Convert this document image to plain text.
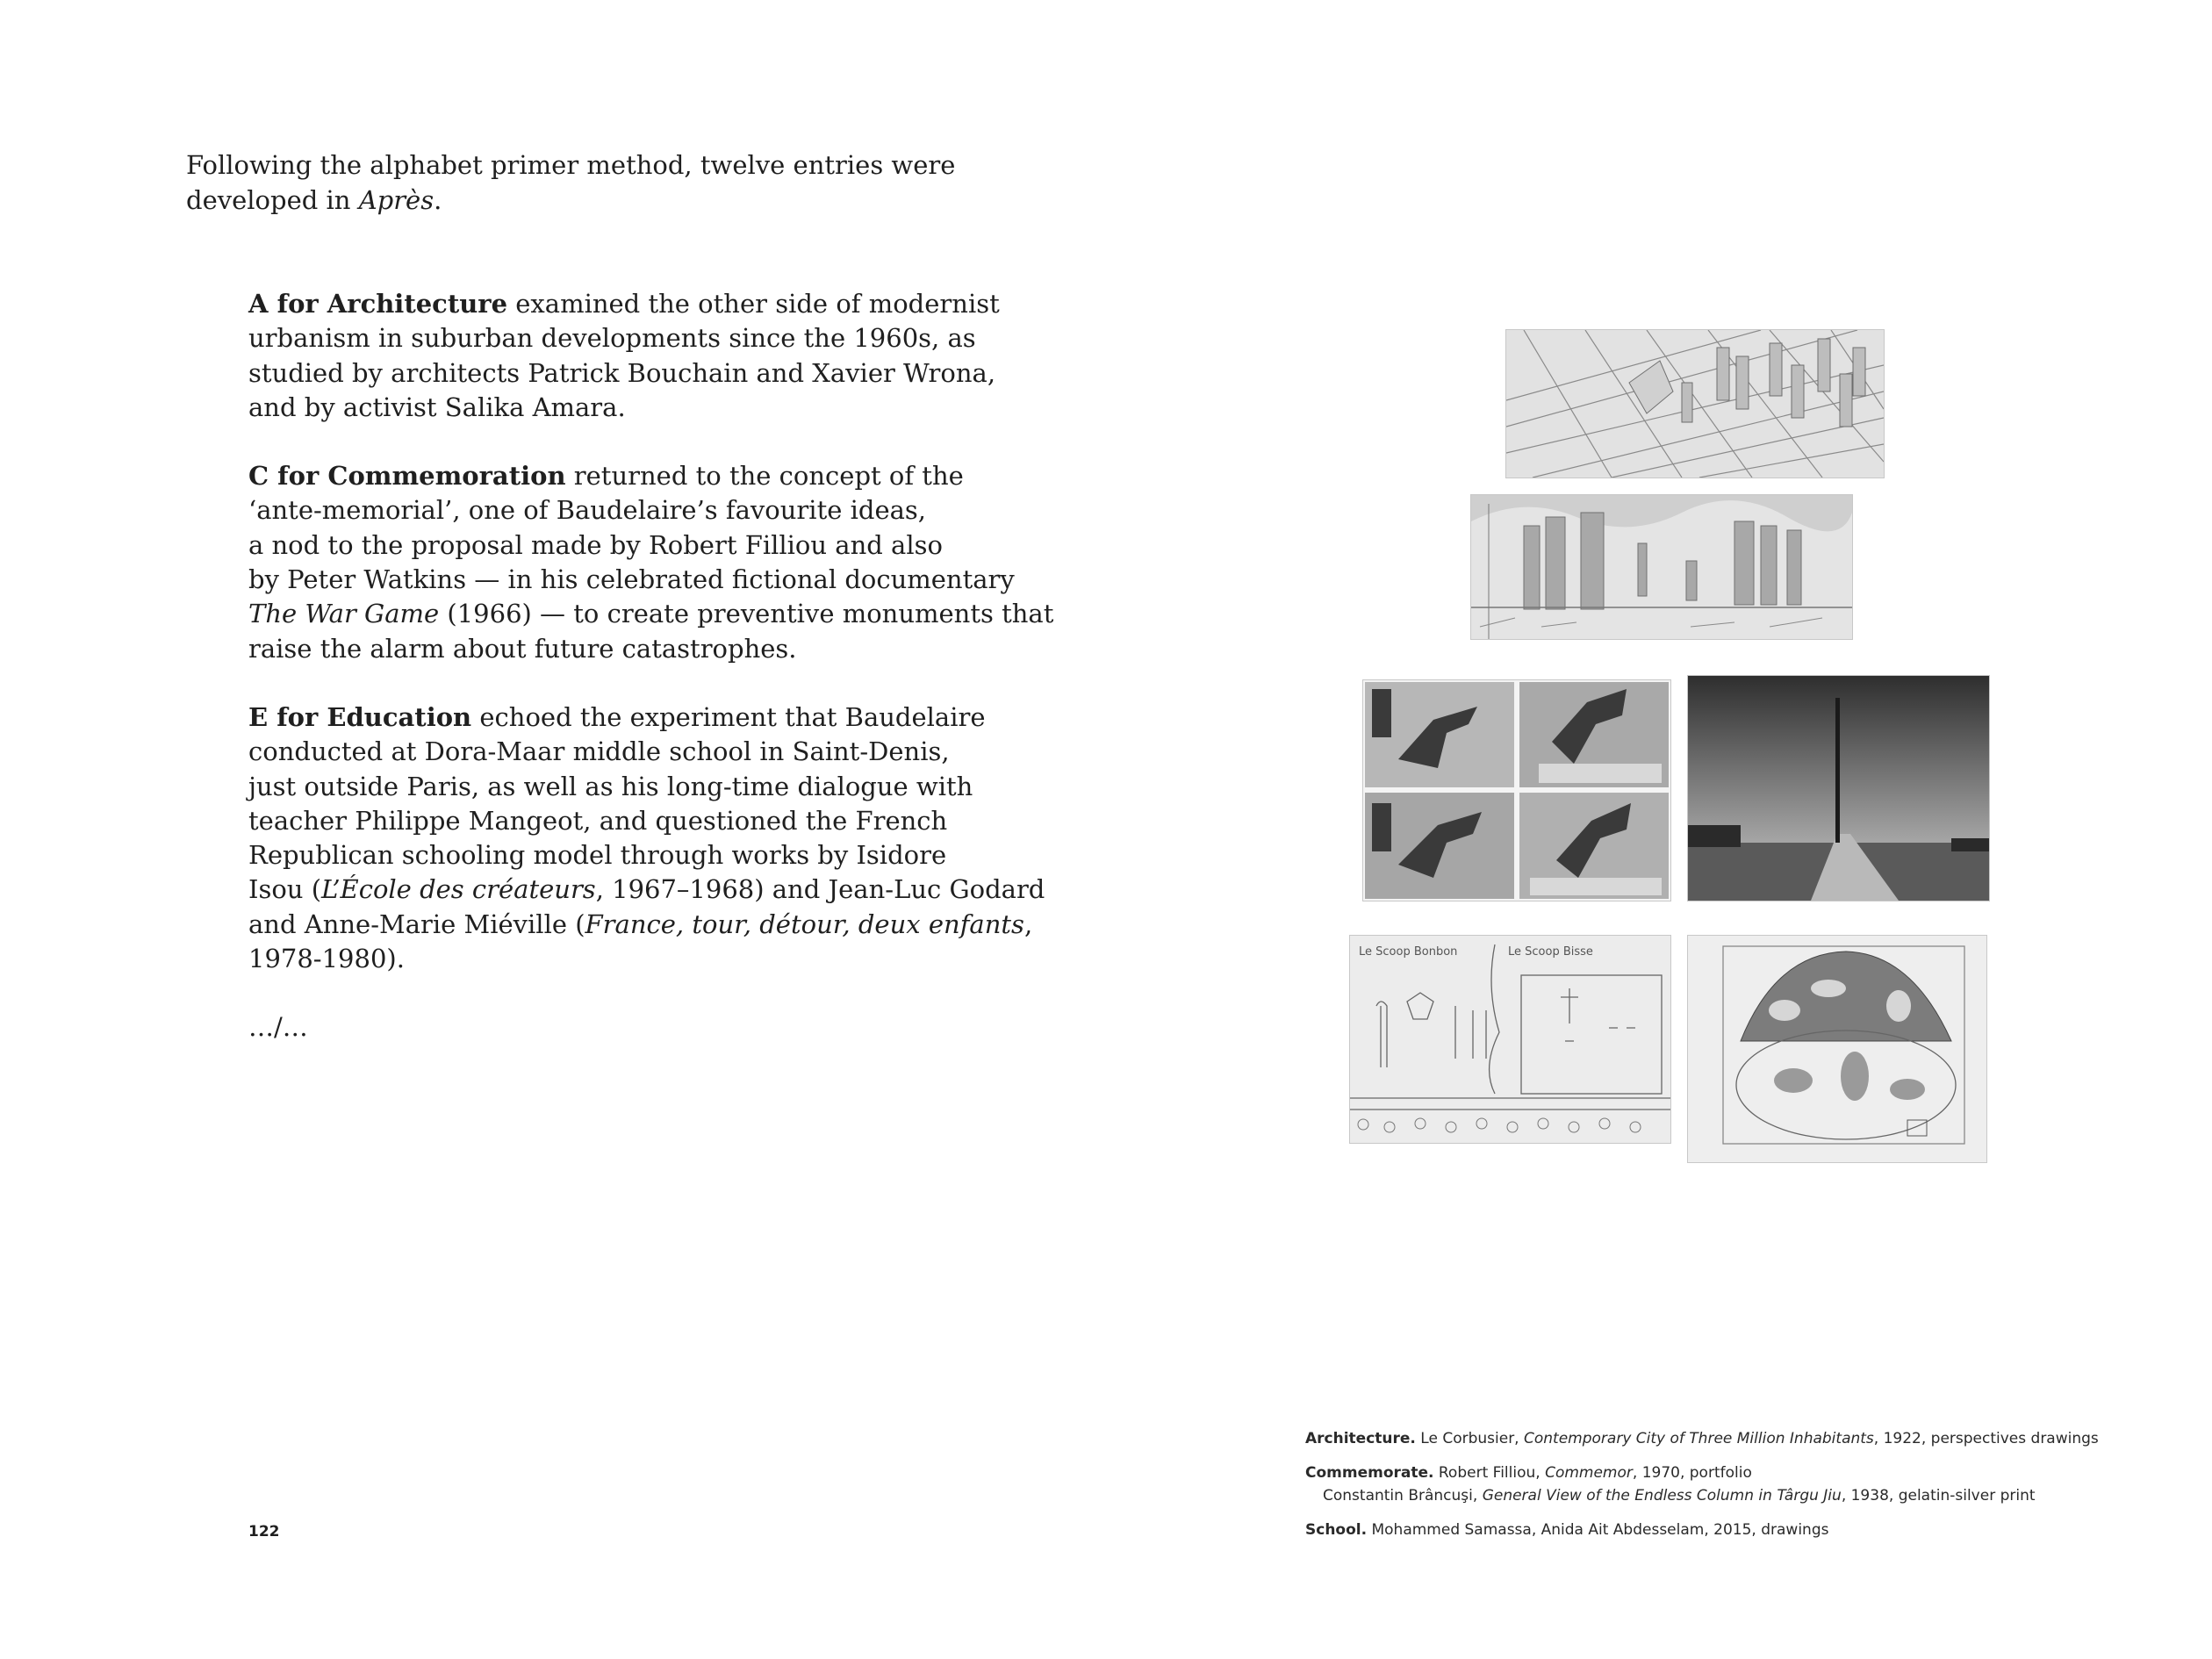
Following the alphabet primer method, twelve entries were
developed in Après.

A for Architecture examined the other side of modernist
urbanism in suburban developments since the 1960s, as
studied by architects Patrick Bouchain and Xavier Wrona,
and by activist Salika Amara.

C for Commemoration returned to the concept of the
‘ante-memorial’, one of Baudelaire’s favourite ideas,
a nod to the proposal made by Robert Filliou and also
by Peter Watkins — in his celebrated fictional documentary
The War Game (1966) — to create preventive monuments that
raise the alarm about future catastrophes.

E for Education echoed the experiment that Baudelaire
conducted at Dora-Maar middle school in Saint-Denis,
just outside Paris, as well as his long-time dialogue with
teacher Philippe Mangeot, and questioned the French
Republican schooling model through works by Isidore
Isou (L’École des créateurs, 1967–1968) and Jean-Luc Godard
and Anne-Marie Miéville (France, tour, détour, deux enfants,
1978-1980).

…/…

122
Le Scoop Bonbon	Le Scoop Bisse

Architecture. Le Corbusier, Contemporary City of Three Million Inhabitants, 1922, perspectives drawings

Commemorate. Robert Filliou, Commemor, 1970, portfolio
Constantin Brâncuşi, General View of the Endless Column in Târgu Jiu, 1938, gelatin-silver print

School. Mohammed Samassa, Anida Ait Abdesselam, 2015, drawings
